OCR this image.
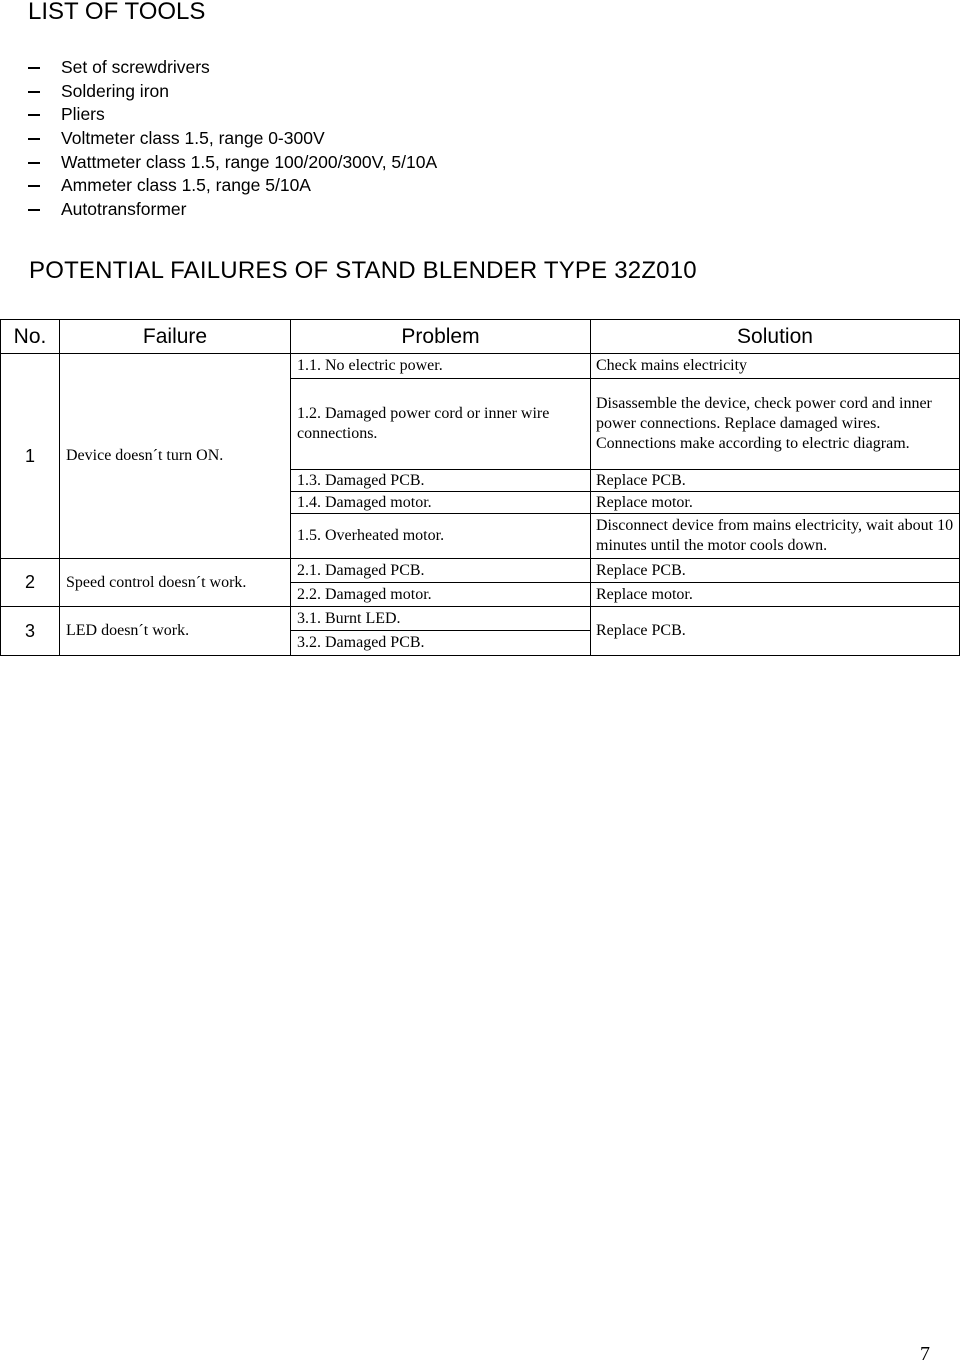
LIST OF TOOLS
Set of screwdrivers
Soldering iron
Pliers
Voltmeter class 1.5, range 0-300V
Wattmeter class 1.5, range 100/200/300V, 5/10A
Ammeter class 1.5, range 5/10A
Autotransformer
POTENTIAL FAILURES OF STAND BLENDER TYPE 32Z010
No.	Failure	Problem	Solution
1	Device doesn´t turn ON.	1.1. No electric power.	Check mains electricity
		1.2. Damaged power cord or inner wire connections.	Disassemble the device, check power cord and inner power connections. Replace damaged wires. Connections make according to electric diagram.
		1.3. Damaged PCB.	Replace PCB.
		1.4. Damaged motor.	Replace motor.
		1.5. Overheated motor.	Disconnect device from mains electricity, wait about 10 minutes until the motor cools down.
2	Speed control doesn´t work.	2.1. Damaged PCB.	Replace PCB.
		2.2. Damaged motor.	Replace motor.
3	LED doesn´t work.	3.1. Burnt LED.	Replace PCB.
		3.2. Damaged PCB.	
7
